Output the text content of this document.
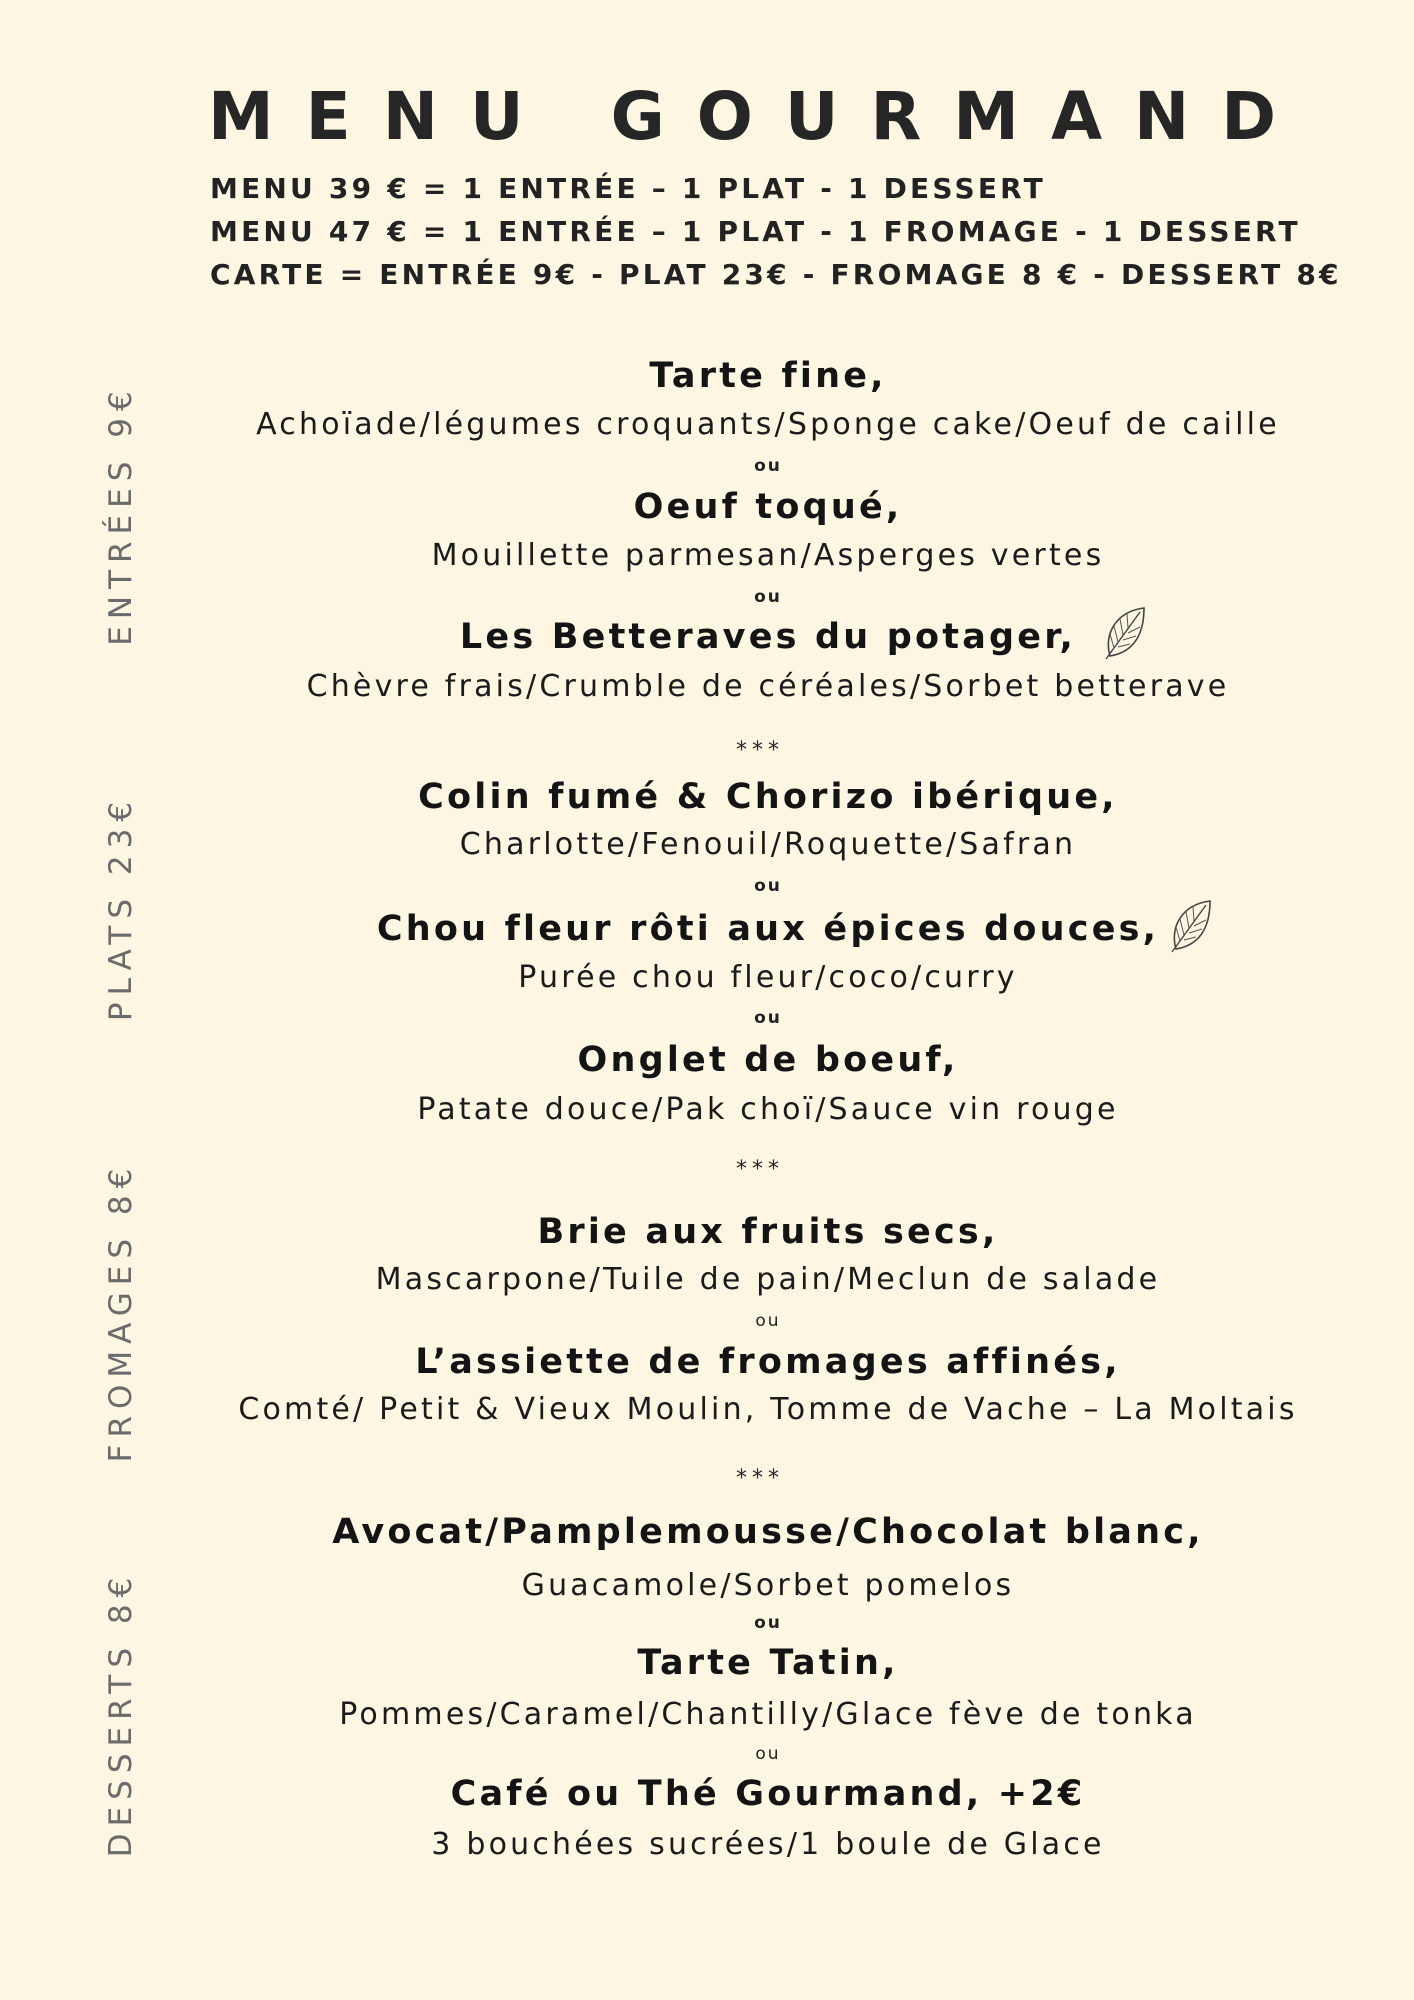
MENU GOURMAND
MENU 39 € = 1 ENTRÉE – 1 PLAT - 1 DESSERT
MENU 47 € = 1 ENTRÉE – 1 PLAT - 1 FROMAGE - 1 DESSERT
CARTE = ENTRÉE 9€ - PLAT 23€ - FROMAGE 8 € - DESSERT 8€
ENTRÉES 9€
PLATS 23€
FROMAGES 8€
DESSERTS 8€
Tarte fine,
Achoïade/légumes croquants/Sponge cake/Oeuf de caille
ou
Oeuf toqué,
Mouillette parmesan/Asperges vertes
ou
Les Betteraves du potager,
Chèvre frais/Crumble de céréales/Sorbet betterave
***
Colin fumé & Chorizo ibérique,
Charlotte/Fenouil/Roquette/Safran
ou
Chou fleur rôti aux épices douces,
Purée chou fleur/coco/curry
ou
Onglet de boeuf,
Patate douce/Pak choï/Sauce vin rouge
***
Brie aux fruits secs,
Mascarpone/Tuile de pain/Meclun de salade
ou
L’assiette de fromages affinés,
Comté/ Petit & Vieux Moulin, Tomme de Vache – La Moltais
***
Avocat/Pamplemousse/Chocolat blanc,
Guacamole/Sorbet pomelos
ou
Tarte Tatin,
Pommes/Caramel/Chantilly/Glace fève de tonka
ou
Café ou Thé Gourmand, +2€
3 bouchées sucrées/1 boule de Glace
